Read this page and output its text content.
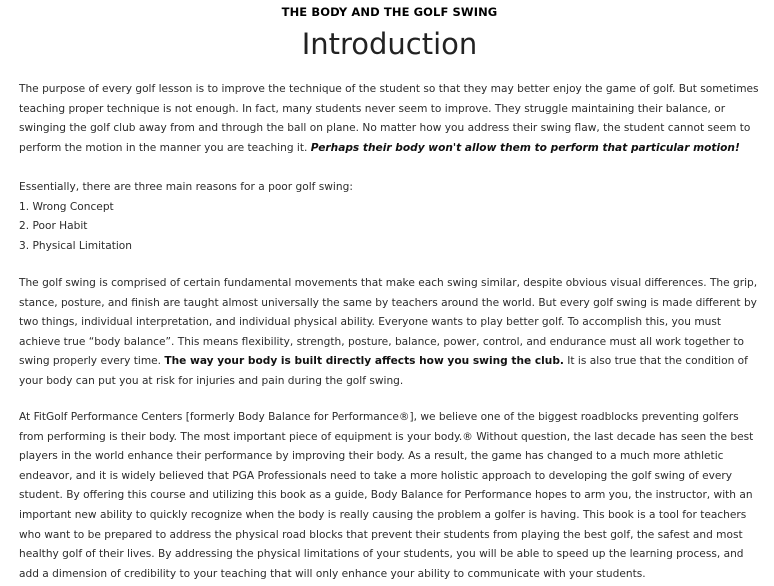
THE BODY AND THE GOLF SWING
Introduction

The purpose of every golf lesson is to improve the technique of the student so that they may better enjoy the game of golf. But sometimes teaching proper technique is not enough. In fact, many students never seem to improve. They struggle maintaining their balance, or swinging the golf club away from and through the ball on plane. No matter how you address their swing flaw, the student cannot seem to perform the motion in the manner you are teaching it. Perhaps their body won't allow them to perform that particular motion!

Essentially, there are three main reasons for a poor golf swing:
1. Wrong Concept
2. Poor Habit
3. Physical Limitation

The golf swing is comprised of certain fundamental movements that make each swing similar, despite obvious visual differences. The grip, stance, posture, and finish are taught almost universally the same by teachers around the world. But every golf swing is made different by two things, individual interpretation, and individual physical ability. Everyone wants to play better golf. To accomplish this, you must achieve true “body balance”. This means flexibility, strength, posture, balance, power, control, and endurance must all work together to swing properly every time. The way your body is built directly affects how you swing the club. It is also true that the condition of your body can put you at risk for injuries and pain during the golf swing.

At FitGolf Performance Centers [formerly Body Balance for Performance®], we believe one of the biggest roadblocks preventing golfers from performing is their body. The most important piece of equipment is your body.® Without question, the last decade has seen the best players in the world enhance their performance by improving their body. As a result, the game has changed to a much more athletic endeavor, and it is widely believed that PGA Professionals need to take a more holistic approach to developing the golf swing of every student. By offering this course and utilizing this book as a guide, Body Balance for Performance hopes to arm you, the instructor, with an important new ability to quickly recognize when the body is really causing the problem a golfer is having. This book is a tool for teachers who want to be prepared to address the physical road blocks that prevent their students from playing the best golf, the safest and most healthy golf of their lives. By addressing the physical limitations of your students, you will be able to speed up the learning process, and add a dimension of credibility to your teaching that will only enhance your ability to communicate with your students.
